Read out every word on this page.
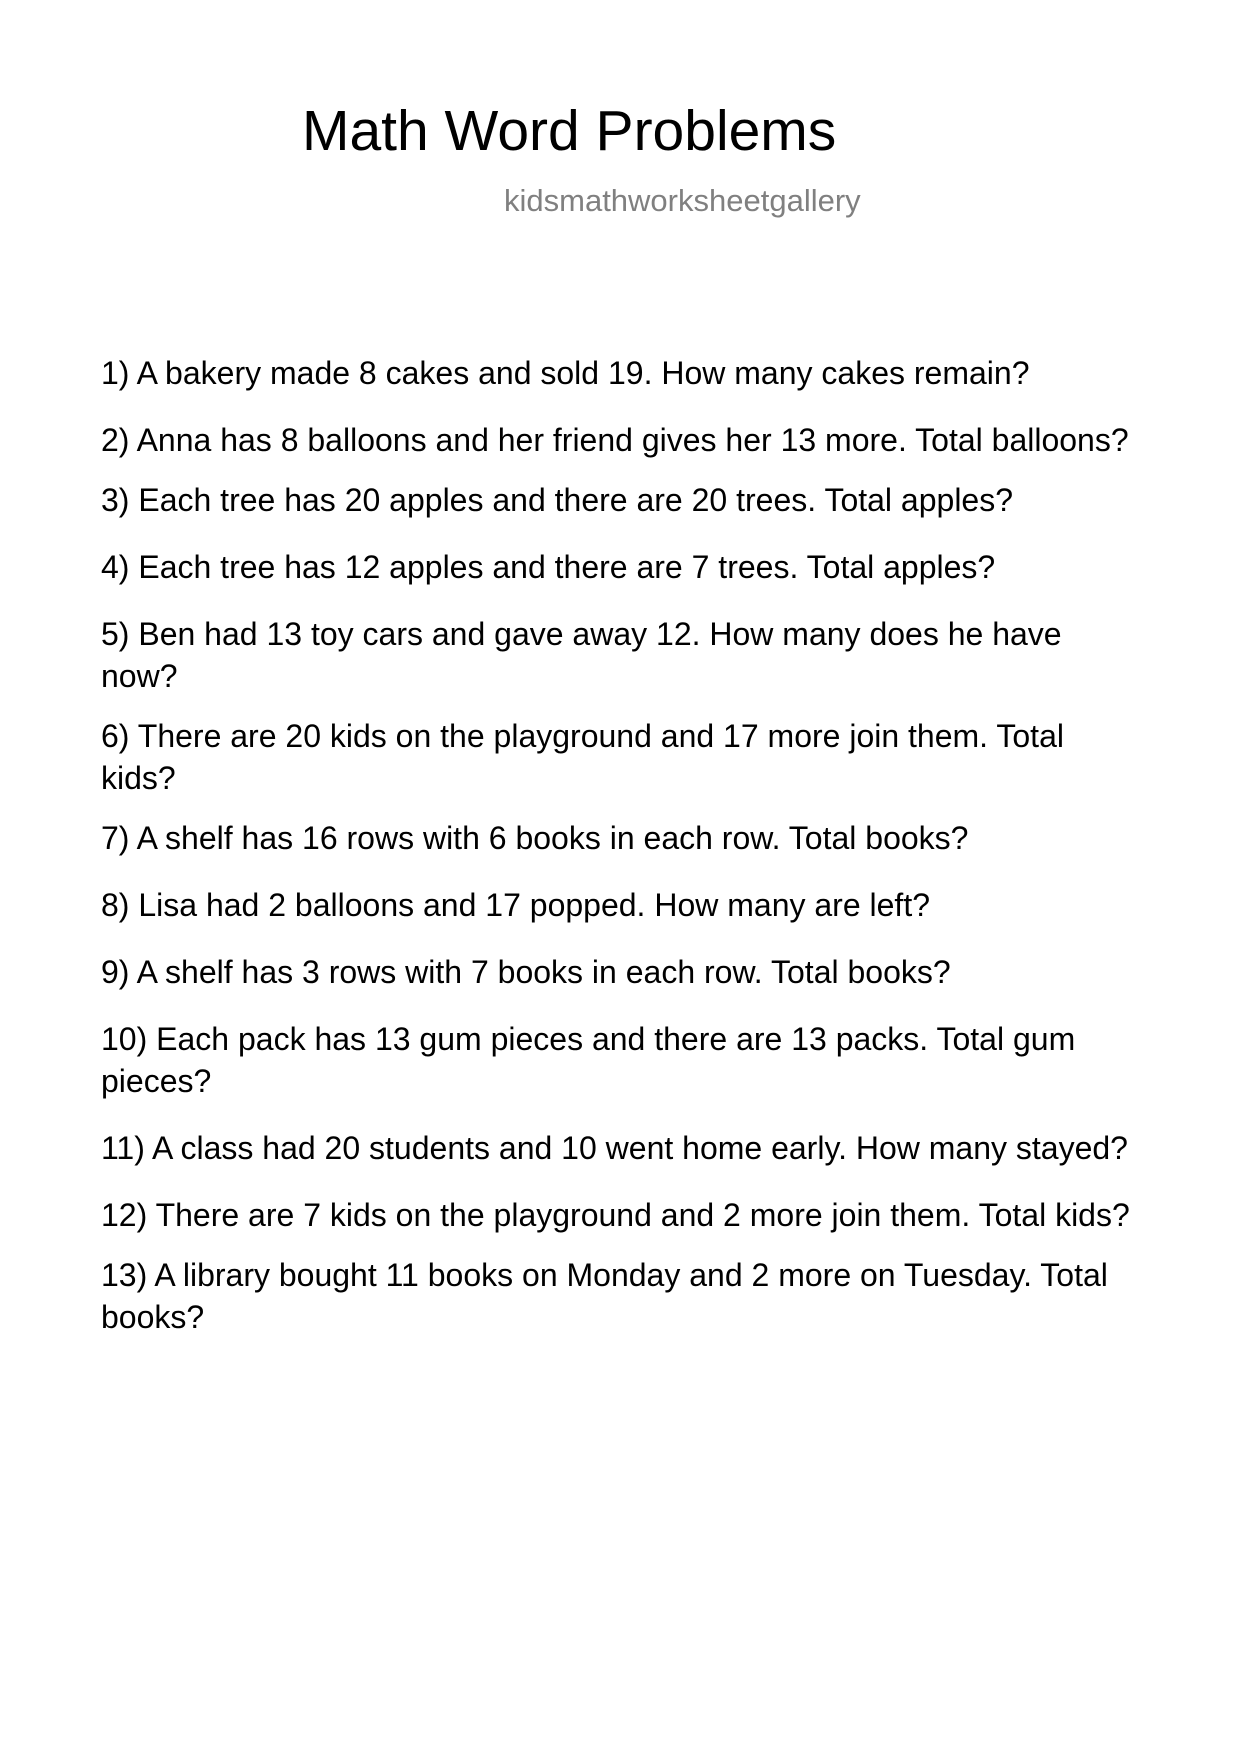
Math Word Problems

kidsmathworksheetgallery

1) A bakery made 8 cakes and sold 19. How many cakes remain?
2) Anna has 8 balloons and her friend gives her 13 more. Total balloons?
3) Each tree has 20 apples and there are 20 trees. Total apples?
4) Each tree has 12 apples and there are 7 trees. Total apples?
5) Ben had 13 toy cars and gave away 12. How many does he have now?
6) There are 20 kids on the playground and 17 more join them. Total kids?
7) A shelf has 16 rows with 6 books in each row. Total books?
8) Lisa had 2 balloons and 17 popped. How many are left?
9) A shelf has 3 rows with 7 books in each row. Total books?
10) Each pack has 13 gum pieces and there are 13 packs. Total gum pieces?
11) A class had 20 students and 10 went home early. How many stayed?
12) There are 7 kids on the playground and 2 more join them. Total kids?
13) A library bought 11 books on Monday and 2 more on Tuesday. Total books?
